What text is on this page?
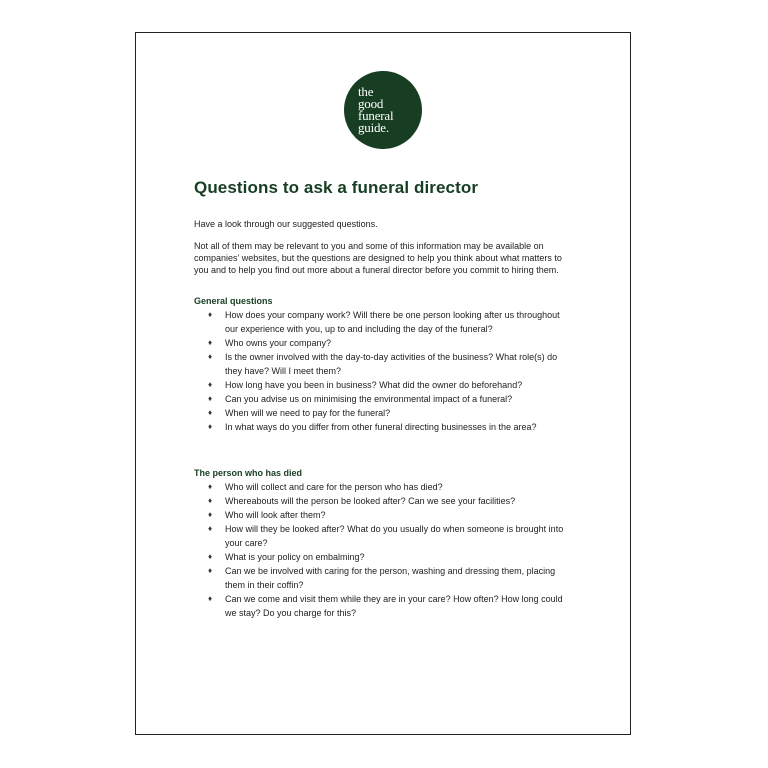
the
good
funeral
guide.
Questions to ask a funeral director

Have a look through our suggested questions.

Not all of them may be relevant to you and some of this information may be available on companies’ websites, but the questions are designed to help you think about what matters to you and to help you find out more about a funeral director before you commit to hiring them.

General questions
♦ How does your company work? Will there be one person looking after us throughout our experience with you, up to and including the day of the funeral?
♦ Who owns your company?
♦ Is the owner involved with the day-to-day activities of the business? What role(s) do they have? Will I meet them?
♦ How long have you been in business? What did the owner do beforehand?
♦ Can you advise us on minimising the environmental impact of a funeral?
♦ When will we need to pay for the funeral?
♦ In what ways do you differ from other funeral directing businesses in the area?
The person who has died
♦ Who will collect and care for the person who has died?
♦ Whereabouts will the person be looked after? Can we see your facilities?
♦ Who will look after them?
♦ How will they be looked after? What do you usually do when someone is brought into your care?
♦ What is your policy on embalming?
♦ Can we be involved with caring for the person, washing and dressing them, placing them in their coffin?
♦ Can we come and visit them while they are in your care? How often? How long could we stay? Do you charge for this?
